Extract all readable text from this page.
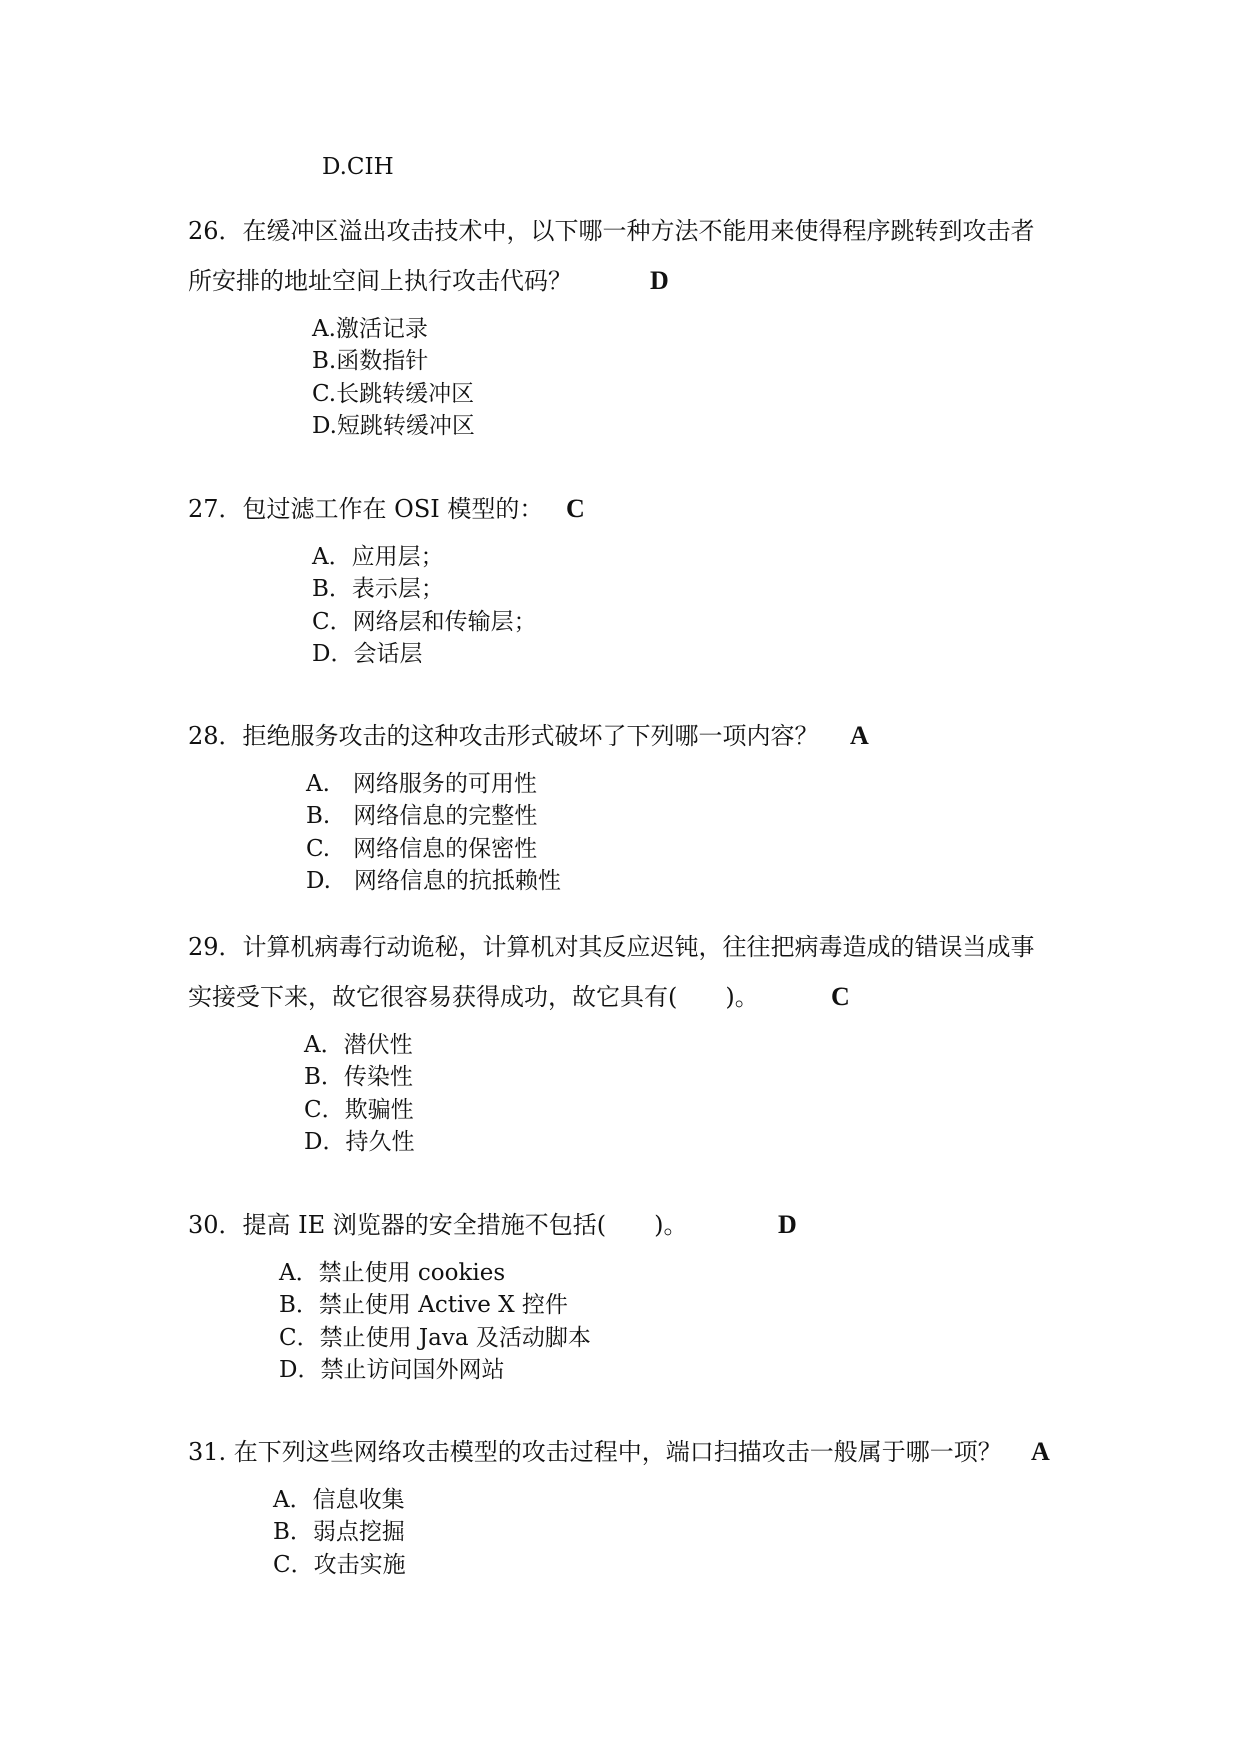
D.CIH
26．在缓冲区溢出攻击技术中，以下哪一种方法不能用来使得程序跳转到攻击者
所安排的地址空间上执行攻击代码？	D
A.激活记录
B.函数指针
C.长跳转缓冲区
D.短跳转缓冲区
27．包过滤工作在 OSI 模型的： C
A．应用层；
B．表示层；
C．网络层和传输层；
D．会话层
28．拒绝服务攻击的这种攻击形式破坏了下列哪一项内容？ A
A.　网络服务的可用性
B.　网络信息的完整性
C.　网络信息的保密性
D.　网络信息的抗抵赖性
29．计算机病毒行动诡秘，计算机对其反应迟钝，往往把病毒造成的错误当成事
实接受下来，故它很容易获得成功，故它具有(　　)。	C
A．潜伏性
B．传染性
C．欺骗性
D．持久性
30．提高 IE 浏览器的安全措施不包括(　　)。	D
A．禁止使用 cookies
B．禁止使用 Active X 控件
C．禁止使用 Java 及活动脚本
D．禁止访问国外网站
31. 在下列这些网络攻击模型的攻击过程中，端口扫描攻击一般属于哪一项？ A
A．信息收集
B．弱点挖掘
C．攻击实施
